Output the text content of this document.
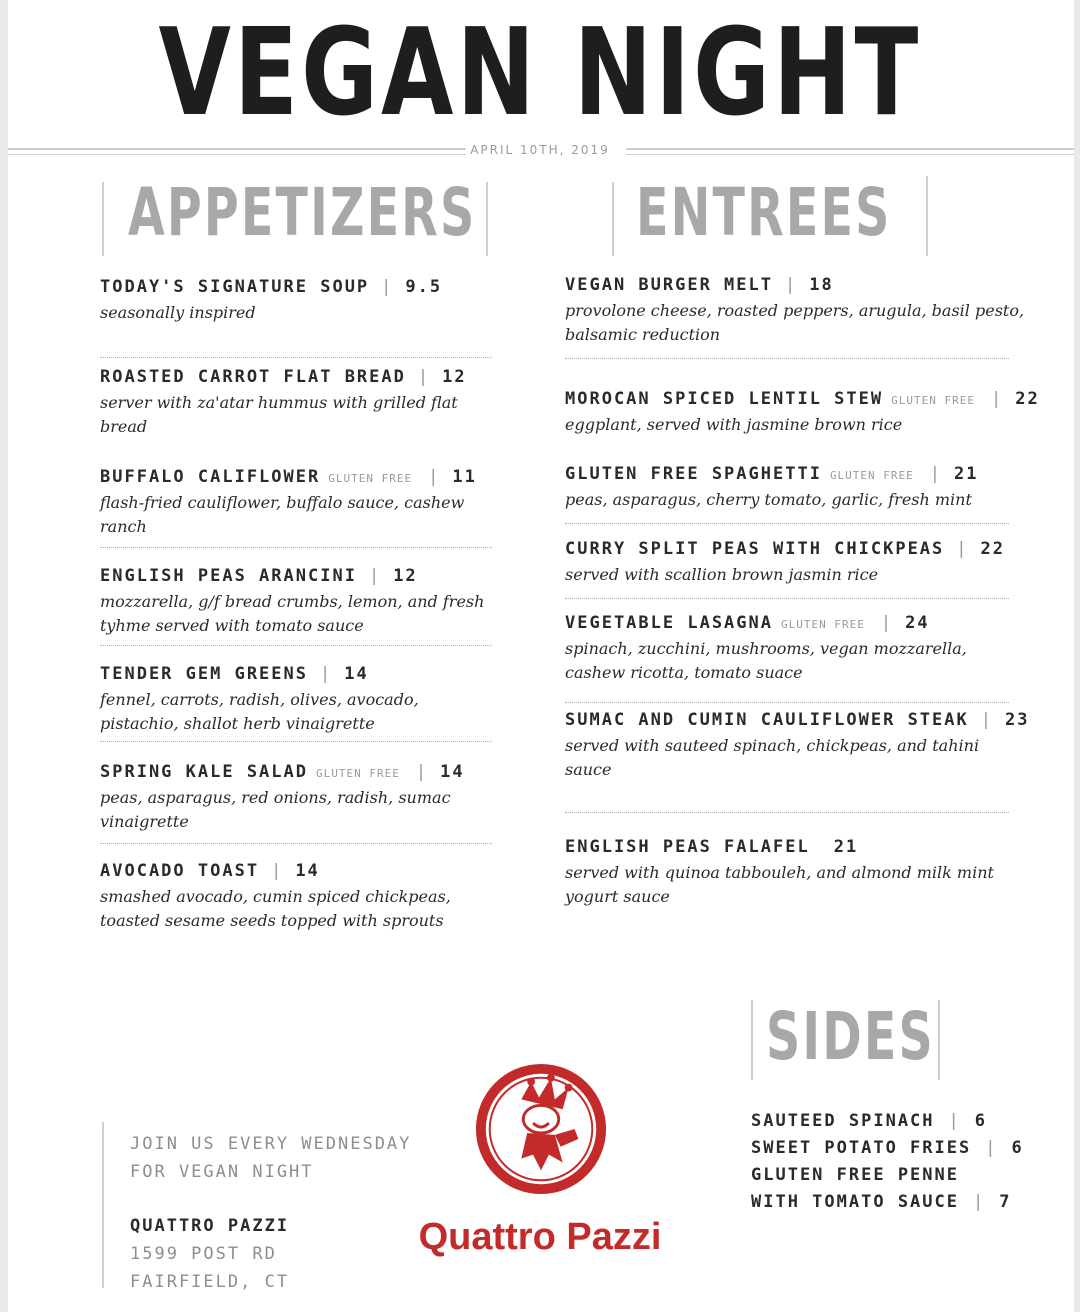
VEGAN NIGHT
APRIL 10TH, 2019
APPETIZERS ENTREES
TODAY'S SIGNATURE SOUP | 9.5
seasonally inspired
ROASTED CARROT FLAT BREAD | 12
server with za'atar hummus with grilled flat
bread
BUFFALO CALIFLOWER GLUTEN FREE | 11
flash-fried cauliflower, buffalo sauce, cashew
ranch
ENGLISH PEAS ARANCINI | 12
mozzarella, g/f bread crumbs, lemon, and fresh
tyhme served with tomato sauce
TENDER GEM GREENS | 14
fennel, carrots, radish, olives, avocado,
pistachio, shallot herb vinaigrette
SPRING KALE SALAD GLUTEN FREE | 14
peas, asparagus, red onions, radish, sumac
vinaigrette
AVOCADO TOAST | 14
smashed avocado, cumin spiced chickpeas,
toasted sesame seeds topped with sprouts
VEGAN BURGER MELT | 18
provolone cheese, roasted peppers, arugula, basil pesto,
balsamic reduction
MOROCAN SPICED LENTIL STEW GLUTEN FREE | 22
eggplant, served with jasmine brown rice
GLUTEN FREE SPAGHETTI GLUTEN FREE | 21
peas, asparagus, cherry tomato, garlic, fresh mint
CURRY SPLIT PEAS WITH CHICKPEAS | 22
served with scallion brown jasmin rice
VEGETABLE LASAGNA GLUTEN FREE | 24
spinach, zucchini, mushrooms, vegan mozzarella,
cashew ricotta, tomato suace
SUMAC AND CUMIN CAULIFLOWER STEAK | 23
served with sauteed spinach, chickpeas, and tahini
sauce
ENGLISH PEAS FALAFEL 21
served with quinoa tabbouleh, and almond milk mint
yogurt sauce
SIDES
SAUTEED SPINACH | 6
SWEET POTATO FRIES | 6
GLUTEN FREE PENNE
WITH TOMATO SAUCE | 7
JOIN US EVERY WEDNESDAY
FOR VEGAN NIGHT
QUATTRO PAZZI
1599 POST RD
FAIRFIELD, CT
Quattro Pazzi
